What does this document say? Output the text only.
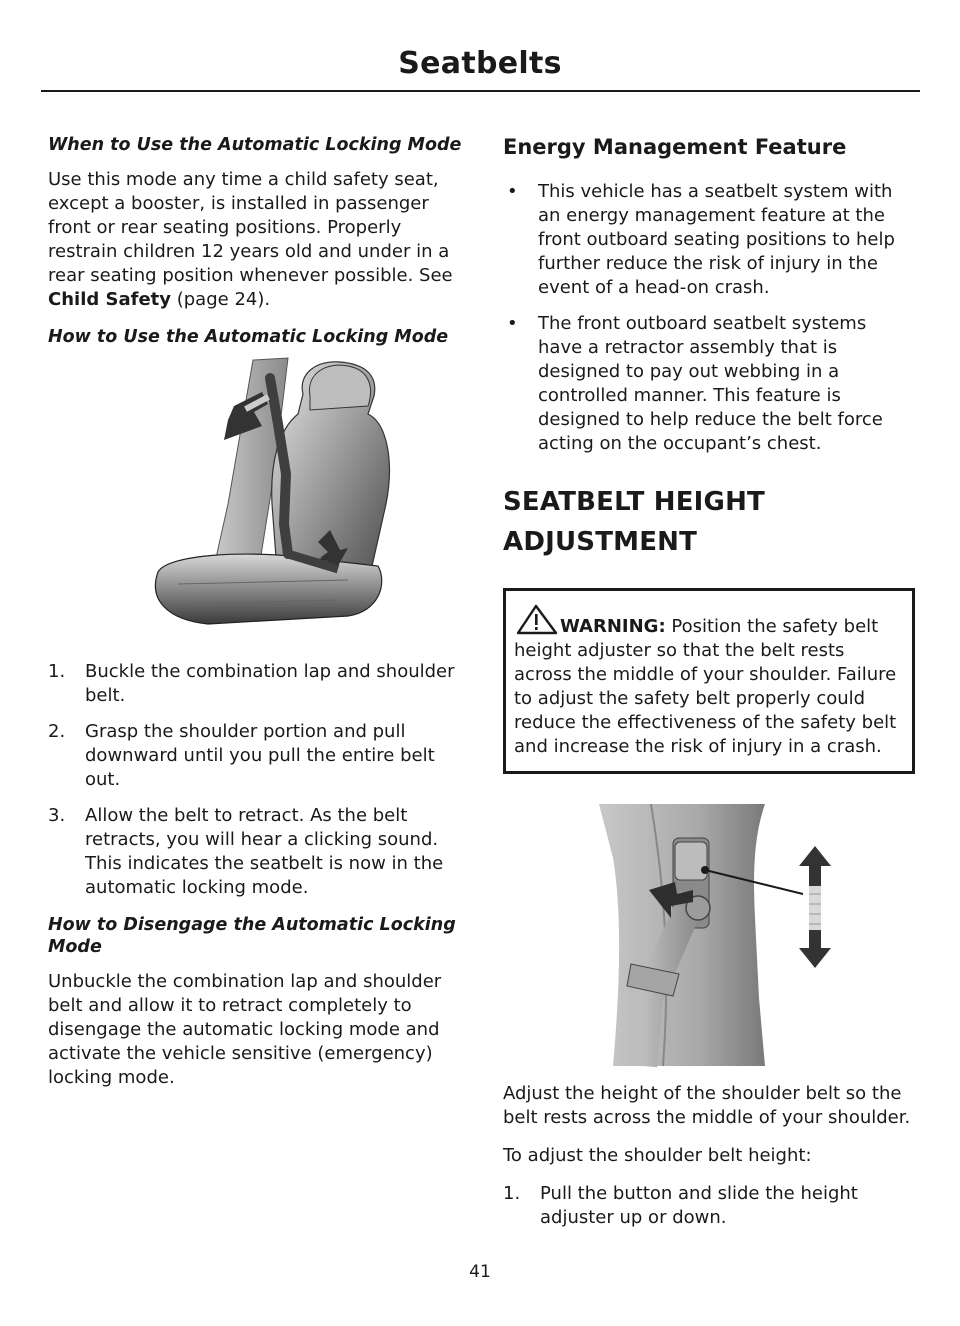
Seatbelts
When to Use the Automatic Locking Mode

Use this mode any time a child safety seat, except a booster, is installed in passenger front or rear seating positions. Properly restrain children 12 years old and under in a rear seating position whenever possible. See Child Safety (page 24).

How to Use the Automatic Locking Mode
1. Buckle the combination lap and shoulder belt.
2. Grasp the shoulder portion and pull downward until you pull the entire belt out.
3. Allow the belt to retract. As the belt retracts, you will hear a clicking sound. This indicates the seatbelt is now in the automatic locking mode.
How to Disengage the Automatic Locking Mode

Unbuckle the combination lap and shoulder belt and allow it to retract completely to disengage the automatic locking mode and activate the vehicle sensitive (emergency) locking mode.

Energy Management Feature
• This vehicle has a seatbelt system with an energy management feature at the front outboard seating positions to help further reduce the risk of injury in the event of a head-on crash.
• The front outboard seatbelt systems have a retractor assembly that is designed to pay out webbing in a controlled manner. This feature is designed to help reduce the belt force acting on the occupant’s chest.
SEATBELT HEIGHT
ADJUSTMENT
WARNING: Position the safety belt height adjuster so that the belt rests across the middle of your shoulder. Failure to adjust the safety belt properly could reduce the effectiveness of the safety belt and increase the risk of injury in a crash.

Adjust the height of the shoulder belt so the belt rests across the middle of your shoulder.

To adjust the shoulder belt height:

1. Pull the button and slide the height adjuster up or down.
41
